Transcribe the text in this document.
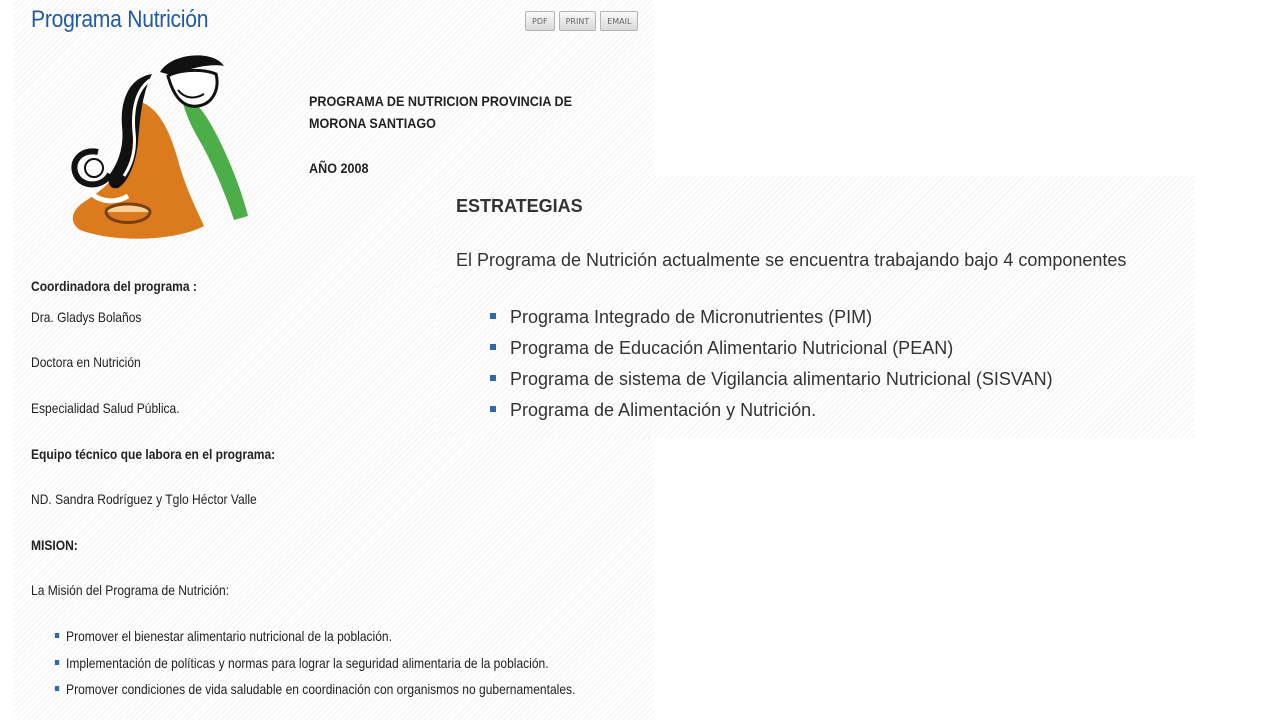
Programa Nutrición	PDF	PRINT	EMAIL
PROGRAMA DE NUTRICION PROVINCIA DE
MORONA SANTIAGO
AÑO 2008
ESTRATEGIAS
El Programa de Nutrición actualmente se encuentra trabajando bajo 4 componentes
Programa Integrado de Micronutrientes (PIM)
Programa de Educación Alimentario Nutricional (PEAN)
Programa de sistema de Vigilancia alimentario Nutricional (SISVAN)
Programa de Alimentación y Nutrición.
Coordinadora del programa :
Dra. Gladys Bolaños
Doctora en Nutrición
Especialidad Salud Pública.
Equipo técnico que labora en el programa:
ND. Sandra Rodríguez y Tglo Héctor Valle
MISION:
La Misión del Programa de Nutrición:
Promover el bienestar alimentario nutricional de la población.
Implementación de políticas y normas para lograr la seguridad alimentaria de la población.
Promover condiciones de vida saludable en coordinación con organismos no gubernamentales.
